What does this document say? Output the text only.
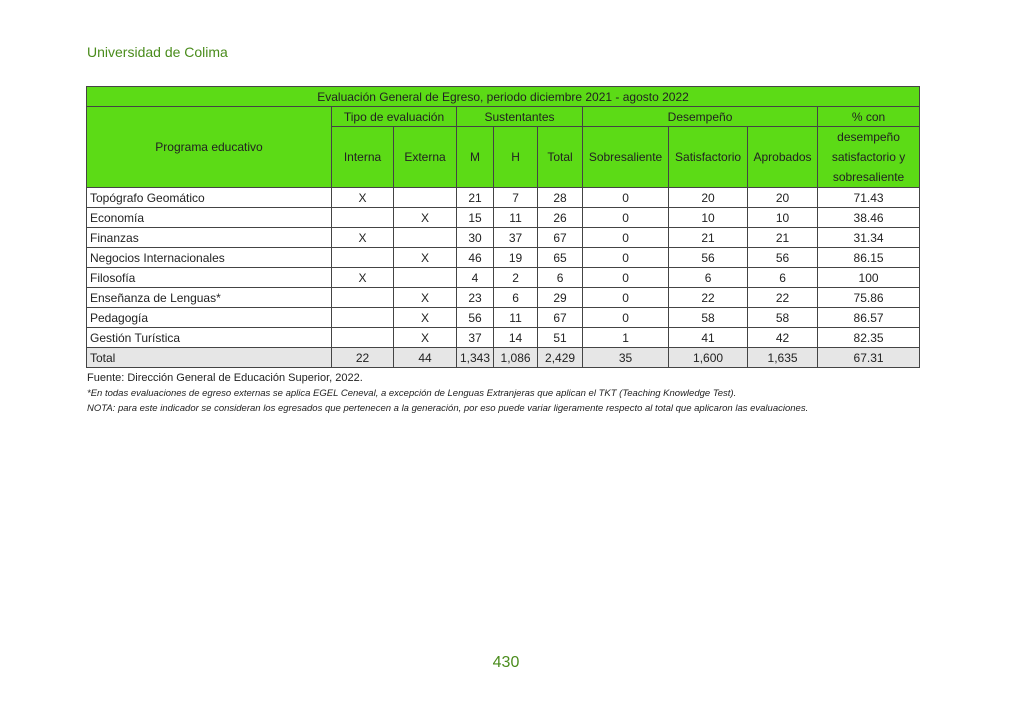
Universidad de Colima
Evaluación General de Egreso, periodo diciembre 2021 - agosto 2022									
Programa educativo	Tipo de evaluación		Sustentantes			Desempeño			% con
	Interna	Externa	M	H	Total	Sobresaliente	Satisfactorio	Aprobados	desempeño
satisfactorio y
sobresaliente
Topógrafo Geomático	X		21	7	28	0	20	20	71.43
Economía		X	15	11	26	0	10	10	38.46
Finanzas	X		30	37	67	0	21	21	31.34
Negocios Internacionales		X	46	19	65	0	56	56	86.15
Filosofía	X		4	2	6	0	6	6	100
Enseñanza de Lenguas*		X	23	6	29	0	22	22	75.86
Pedagogía		X	56	11	67	0	58	58	86.57
Gestión Turística		X	37	14	51	1	41	42	82.35
Total	22	44	1,343	1,086	2,429	35	1,600	1,635	67.31
Fuente: Dirección General de Educación Superior, 2022.
*En todas evaluaciones de egreso externas se aplica EGEL Ceneval, a excepción de Lenguas Extranjeras que aplican el TKT (Teaching Knowledge Test).
NOTA: para este indicador se consideran los egresados que pertenecen a la generación, por eso puede variar ligeramente respecto al total que aplicaron las evaluaciones.
430
